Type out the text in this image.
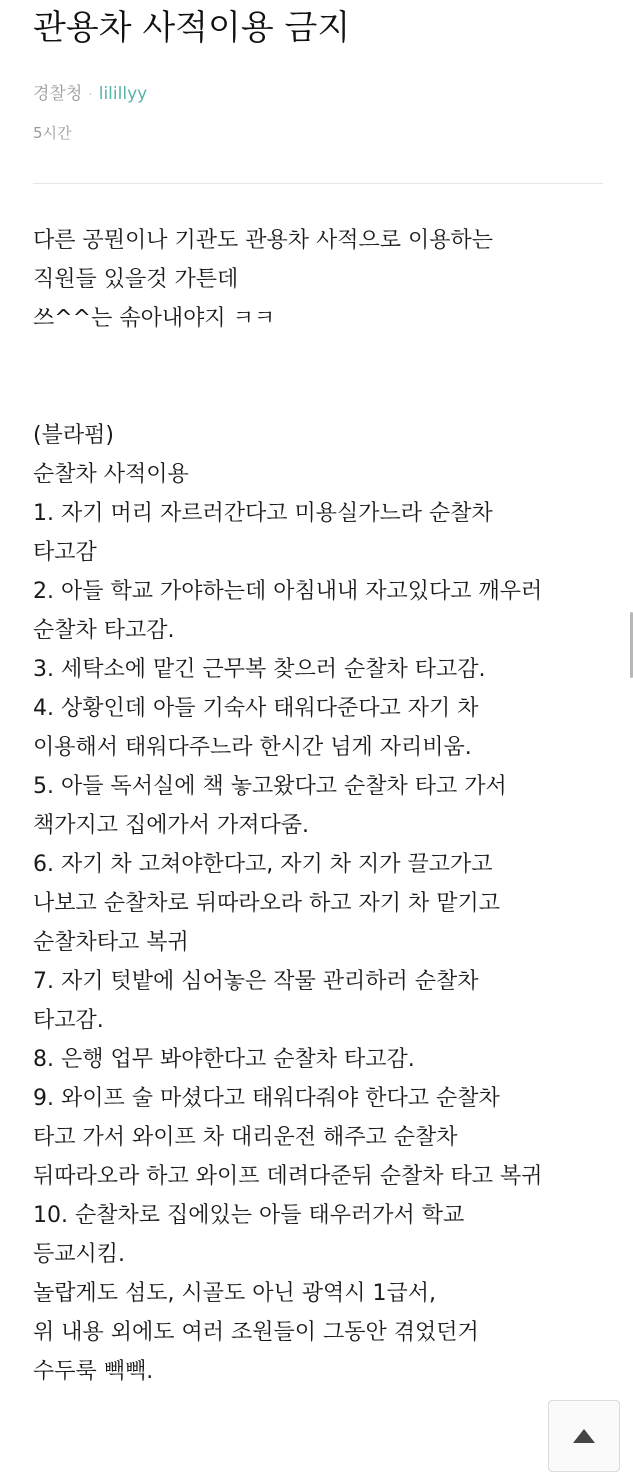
관용차 사적이용 금지
경찰청 · lilillyy
5시간
다른 공뭔이나 기관도 관용차 사적으로 이용하는
직원들 있을것 가튼데
쓰^^는 솎아내야지 ㅋㅋ
(블라펌)
순찰차 사적이용
1. 자기 머리 자르러간다고 미용실가느라 순찰차
타고감
2. 아들 학교 가야하는데 아침내내 자고있다고 깨우러
순찰차 타고감.
3. 세탁소에 맡긴 근무복 찾으러 순찰차 타고감.
4. 상황인데 아들 기숙사 태워다준다고 자기 차
이용해서 태워다주느라 한시간 넘게 자리비움.
5. 아들 독서실에 책 놓고왔다고 순찰차 타고 가서
책가지고 집에가서 가져다줌.
6. 자기 차 고쳐야한다고, 자기 차 지가 끌고가고
나보고 순찰차로 뒤따라오라 하고 자기 차 맡기고
순찰차타고 복귀
7. 자기 텃밭에 심어놓은 작물 관리하러 순찰차
타고감.
8. 은행 업무 봐야한다고 순찰차 타고감.
9. 와이프 술 마셨다고 태워다줘야 한다고 순찰차
타고 가서 와이프 차 대리운전 해주고 순찰차
뒤따라오라 하고 와이프 데려다준뒤 순찰차 타고 복귀
10. 순찰차로 집에있는 아들 태우러가서 학교
등교시킴.
놀랍게도 섬도, 시골도 아닌 광역시 1급서,
위 내용 외에도 여러 조원들이 그동안 겪었던거
수두룩 빽빽.
